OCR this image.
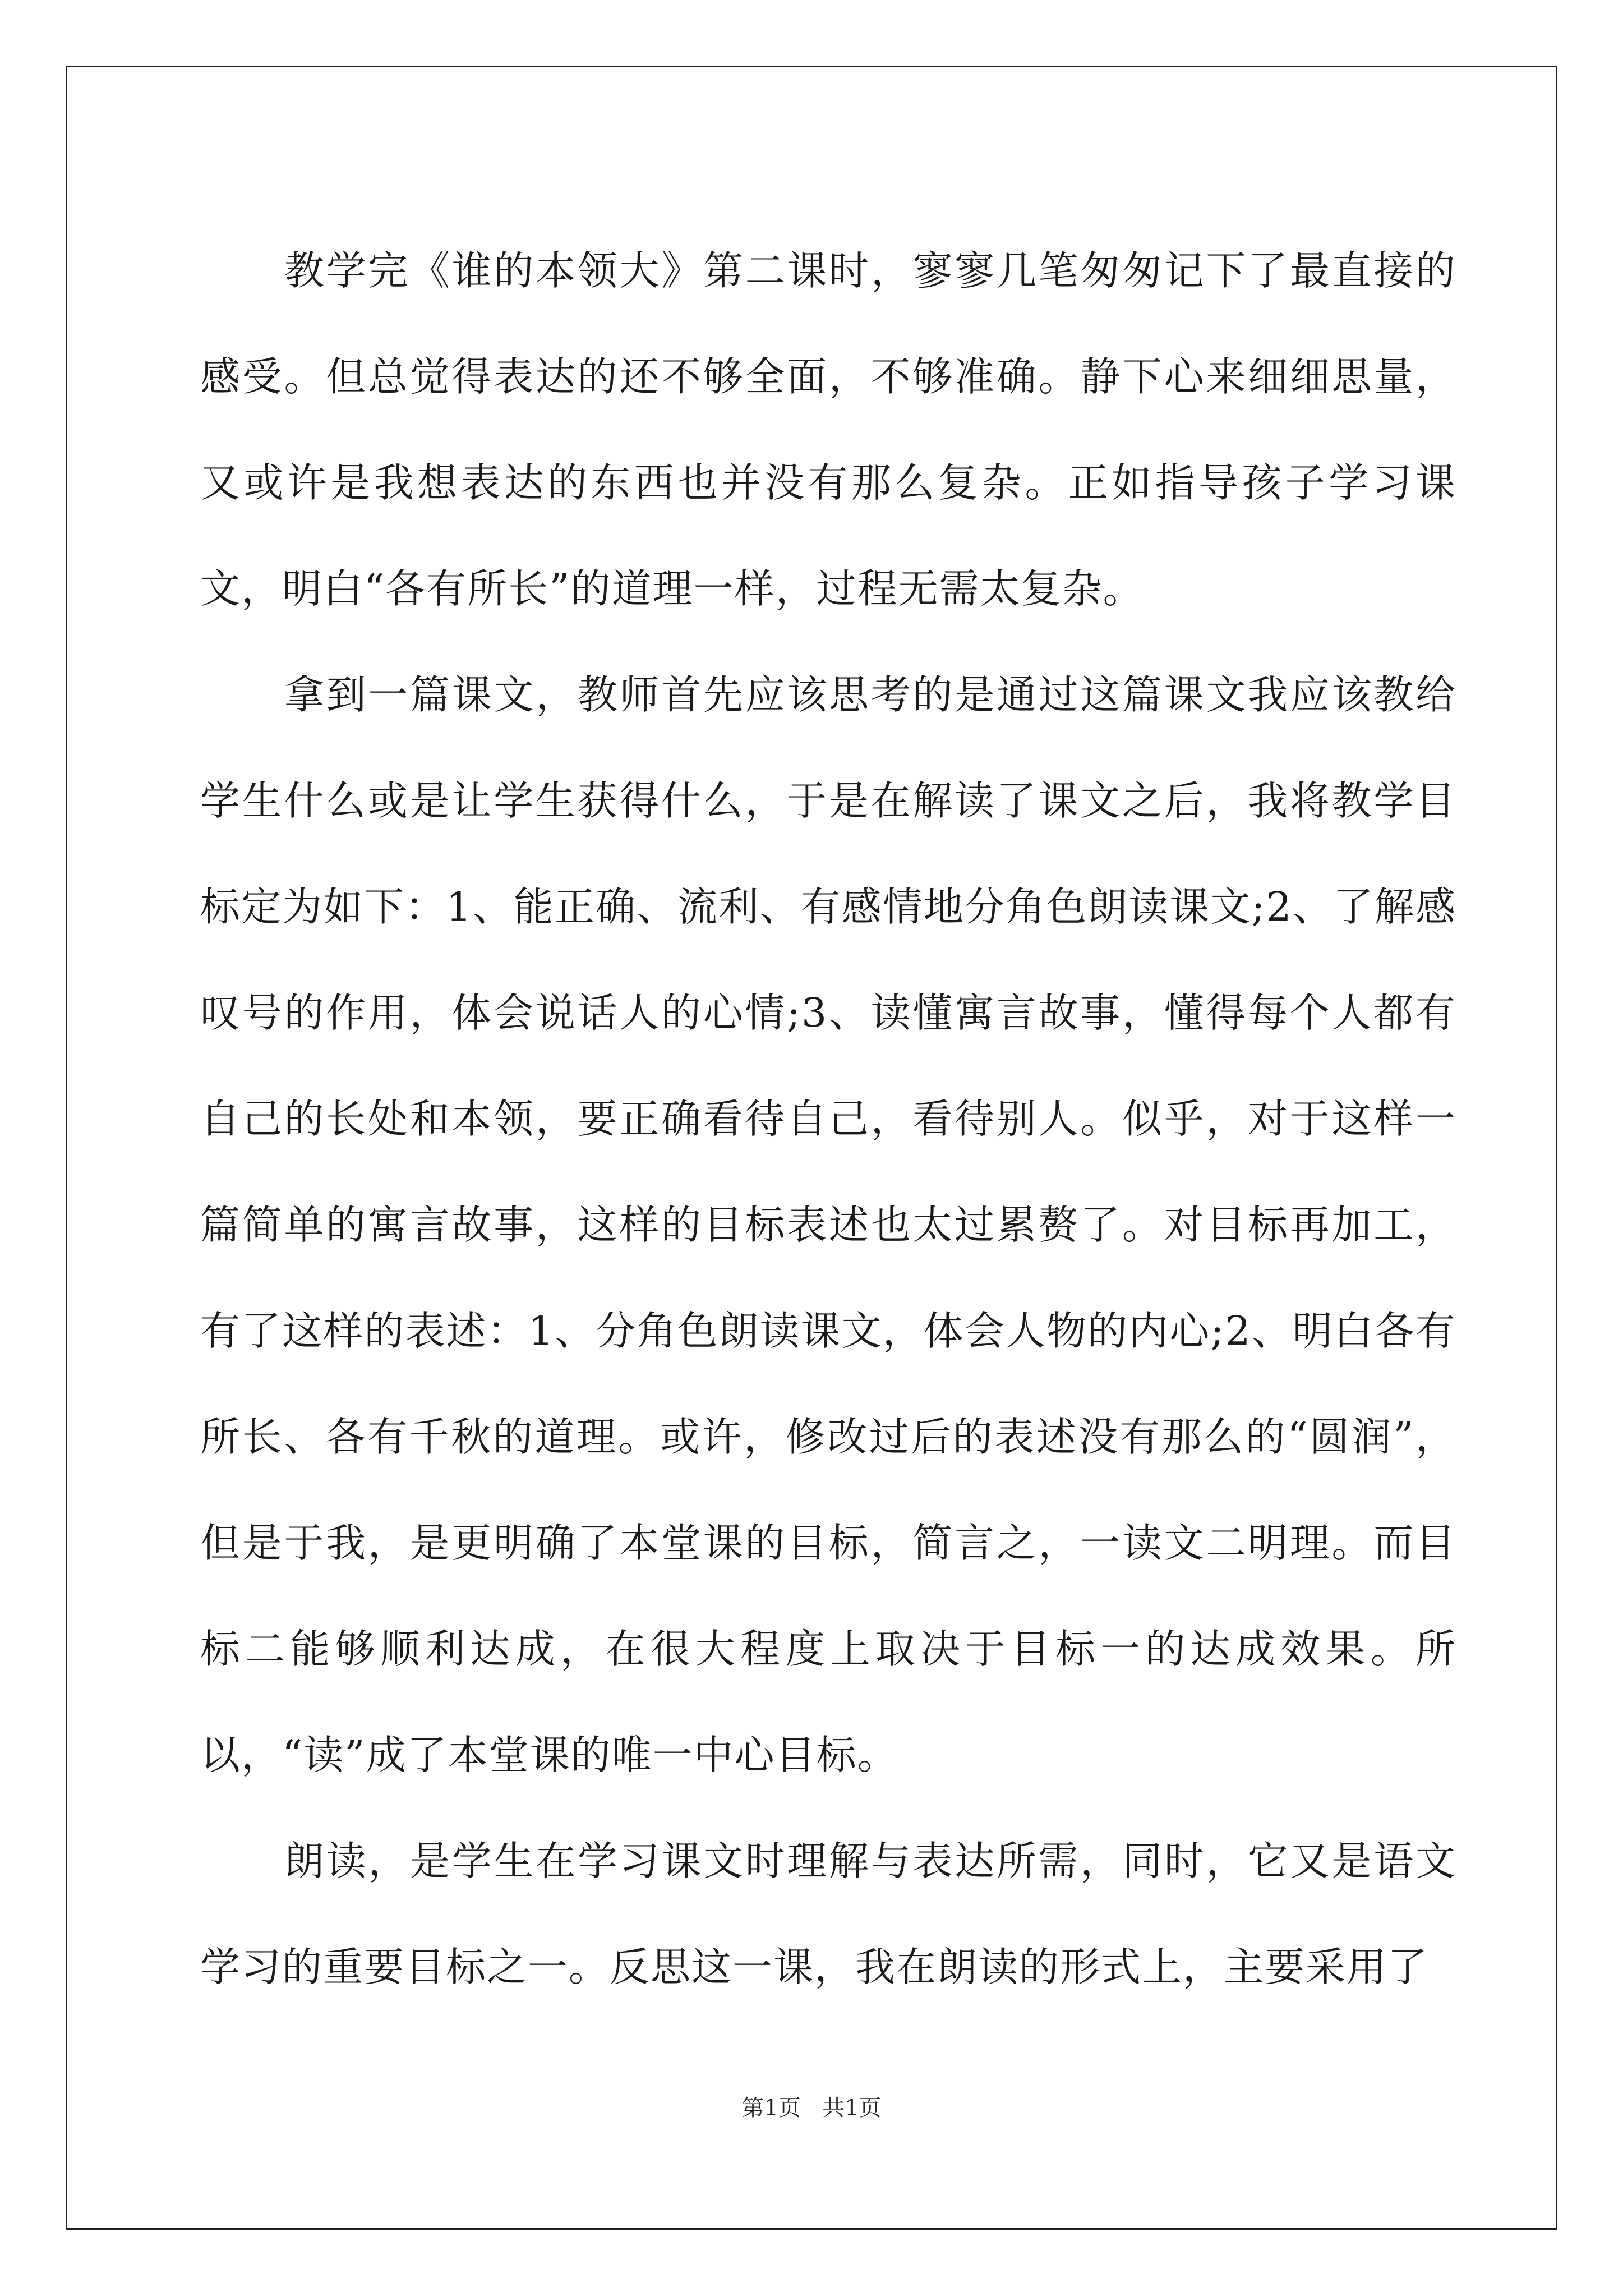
教学完《谁的本领大》第二课时，寥寥几笔匆匆记下了最直接的感受。但总觉得表达的还不够全面，不够准确。静下心来细细思量，又或许是我想表达的东西也并没有那么复杂。正如指导孩子学习课文，明白“各有所长”的道理一样，过程无需太复杂。

拿到一篇课文，教师首先应该思考的是通过这篇课文我应该教给学生什么或是让学生获得什么，于是在解读了课文之后，我将教学目标定为如下：1、能正确、流利、有感情地分角色朗读课文;2、了解感叹号的作用，体会说话人的心情;3、读懂寓言故事，懂得每个人都有自己的长处和本领，要正确看待自己，看待别人。似乎，对于这样一篇简单的寓言故事，这样的目标表述也太过累赘了。对目标再加工，有了这样的表述：1、分角色朗读课文，体会人物的内心;2、明白各有所长、各有千秋的道理。或许，修改过后的表述没有那么的“圆润”，但是于我，是更明确了本堂课的目标，简言之，一读文二明理。而目标二能够顺利达成，在很大程度上取决于目标一的达成效果。所以，“读”成了本堂课的唯一中心目标。

朗读，是学生在学习课文时理解与表达所需，同时，它又是语文学习的重要目标之一。反思这一课，我在朗读的形式上，主要采用了

第1页 共1页
